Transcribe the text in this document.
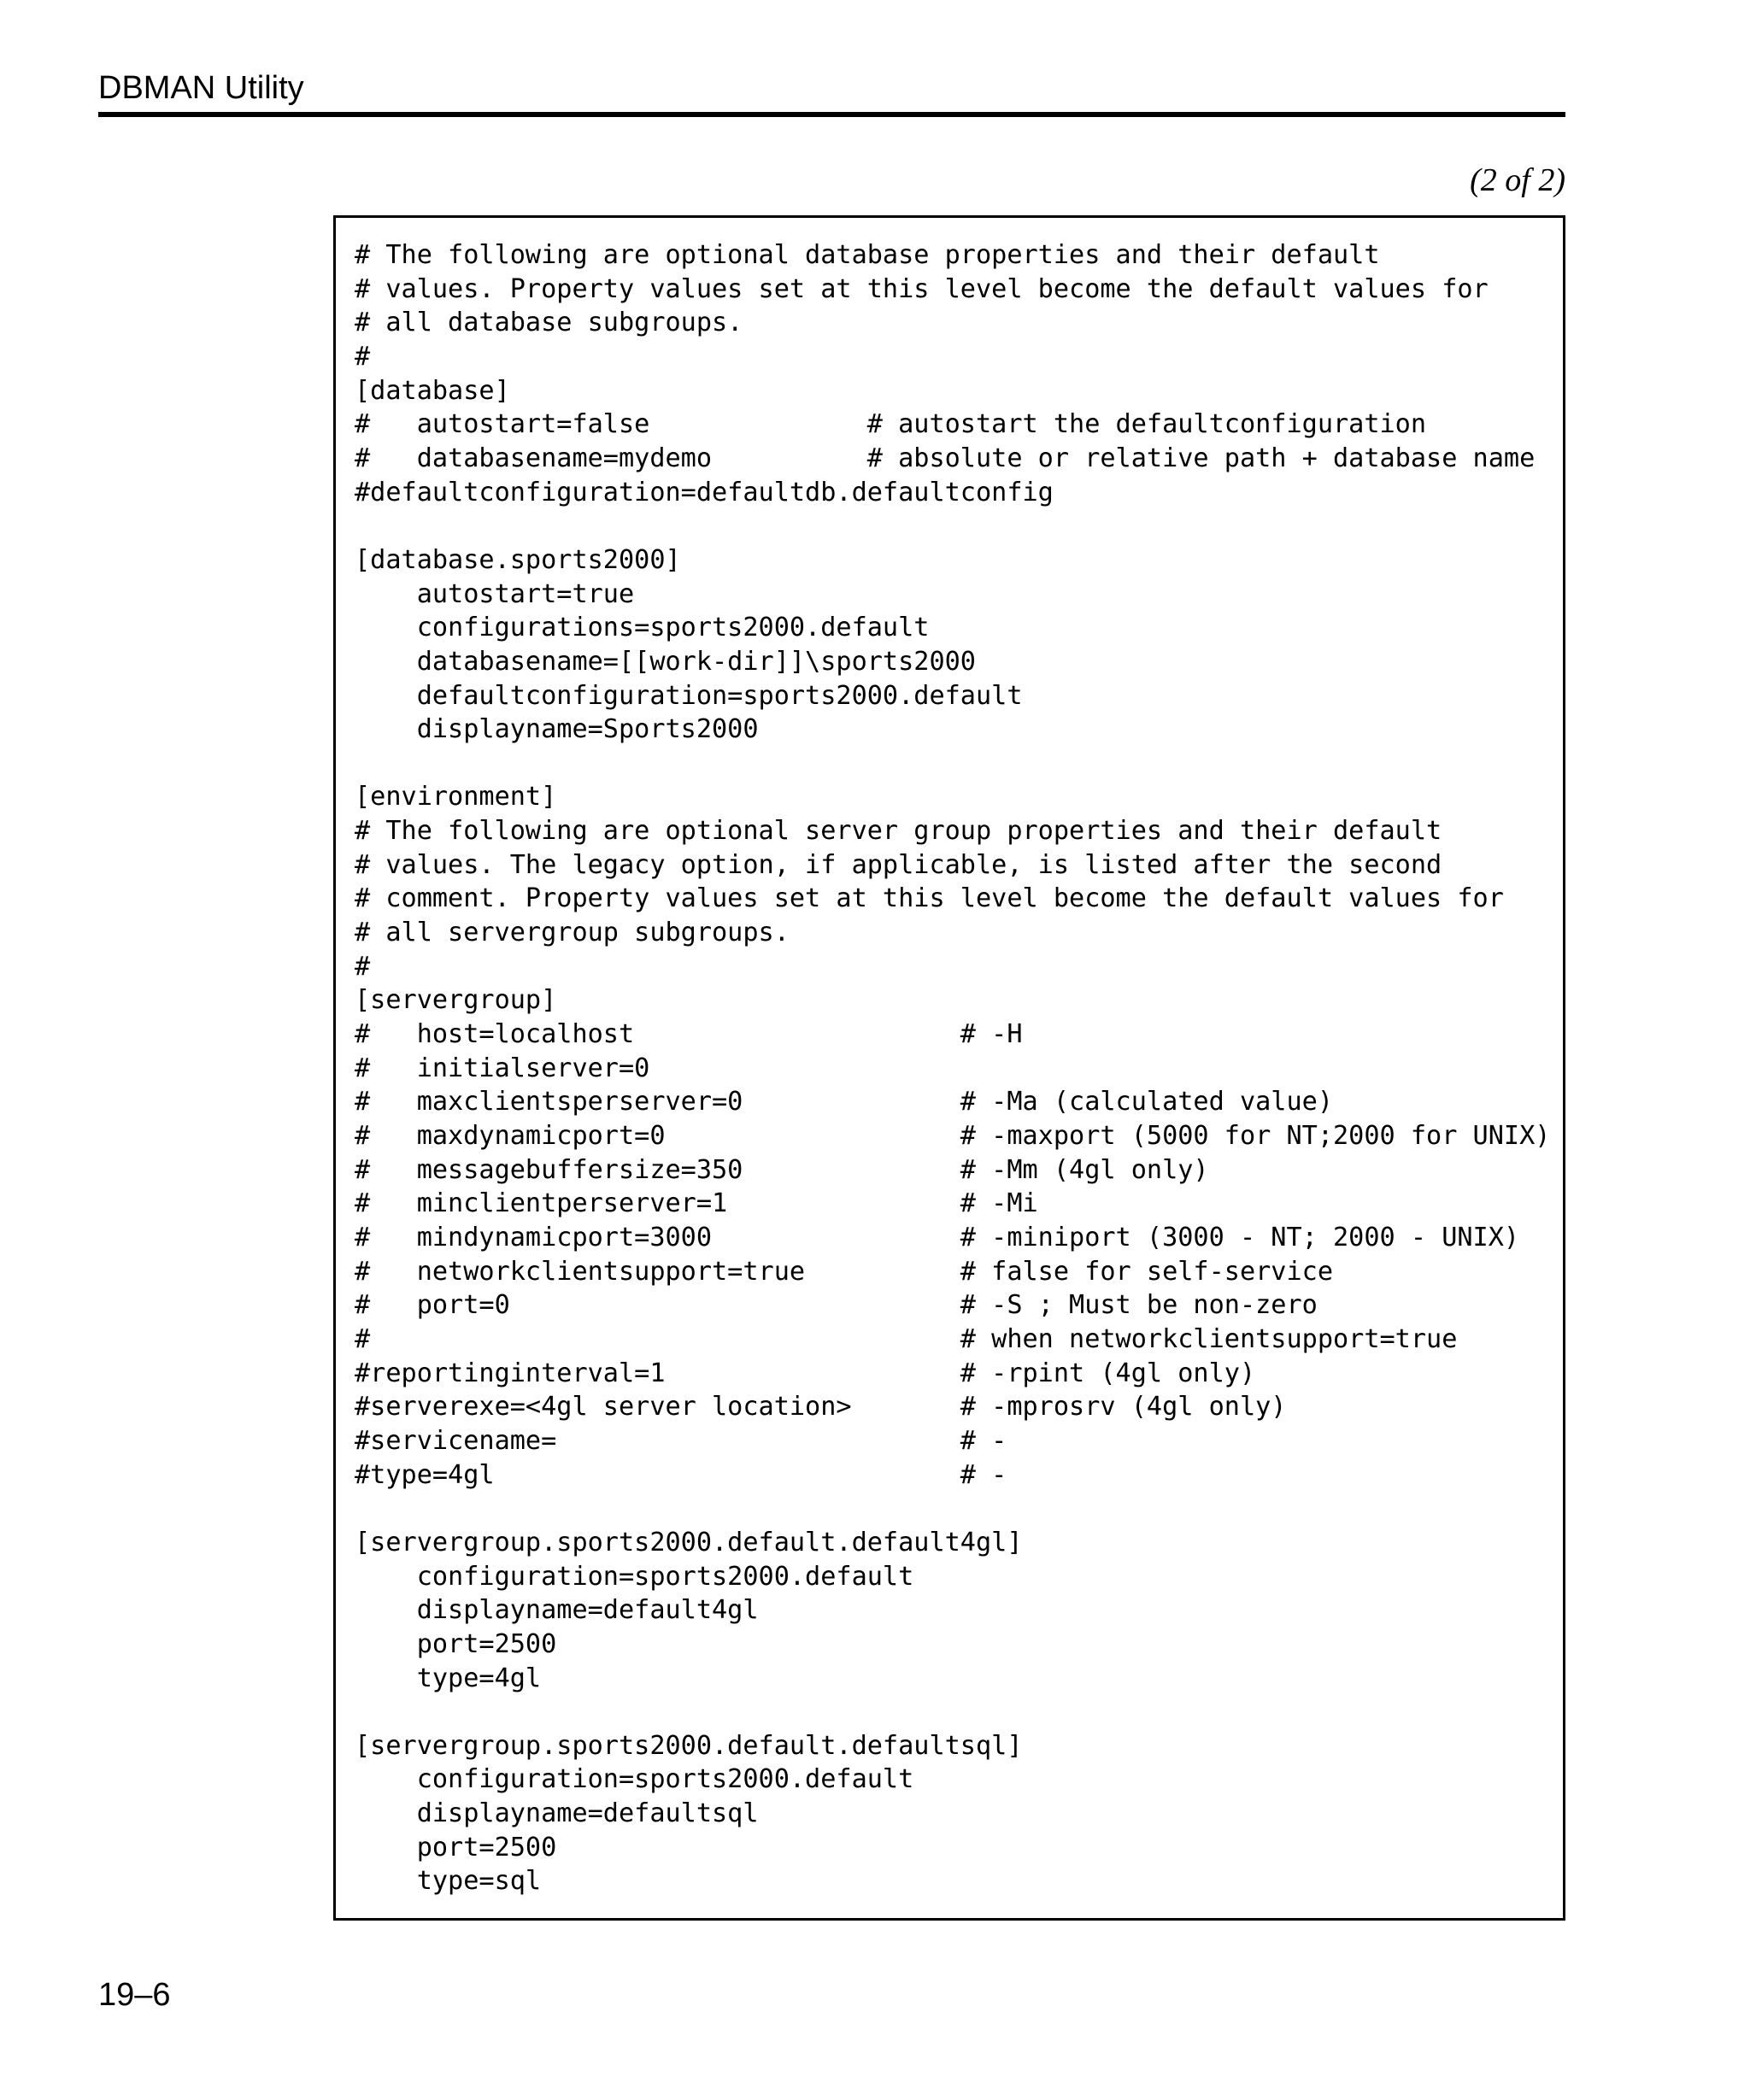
DBMAN Utility
(2 of 2)
# The following are optional database properties and their default
# values. Property values set at this level become the default values for
# all database subgroups.
#
[database]
#   autostart=false              # autostart the defaultconfiguration
#   databasename=mydemo          # absolute or relative path + database name
#defaultconfiguration=defaultdb.defaultconfig
[database.sports2000]
autostart=true
configurations=sports2000.default
databasename=[[work-dir]]\sports2000
defaultconfiguration=sports2000.default
displayname=Sports2000
[environment]
# The following are optional server group properties and their default
# values. The legacy option, if applicable, is listed after the second
# comment. Property values set at this level become the default values for
# all servergroup subgroups.
#
[servergroup]
#   host=localhost                     # -H
#   initialserver=0
#   maxclientsperserver=0              # -Ma (calculated value)
#   maxdynamicport=0                   # -maxport (5000 for NT;2000 for UNIX)
#   messagebuffersize=350              # -Mm (4gl only)
#   minclientperserver=1               # -Mi
#   mindynamicport=3000                # -miniport (3000 - NT; 2000 - UNIX)
#   networkclientsupport=true          # false for self-service
#   port=0                             # -S ; Must be non-zero
#                                      # when networkclientsupport=true
#reportinginterval=1                   # -rpint (4gl only)
#serverexe=<4gl server location>       # -mprosrv (4gl only)
#servicename=                          # -
#type=4gl                              # -
[servergroup.sports2000.default.default4gl]
configuration=sports2000.default
displayname=default4gl
port=2500
type=4gl
[servergroup.sports2000.default.defaultsql]
configuration=sports2000.default
displayname=defaultsql
port=2500
type=sql
19–6
